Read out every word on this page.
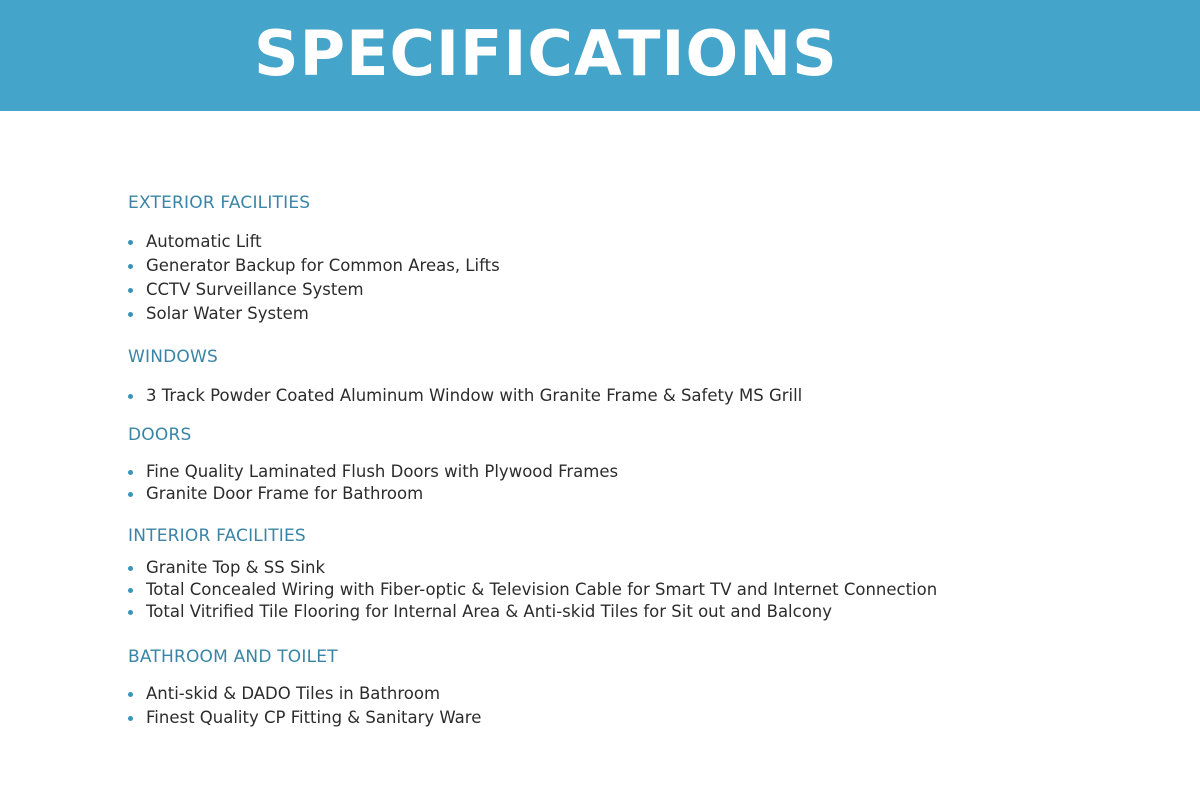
SPECIFICATIONS
EXTERIOR FACILITIES
Automatic Lift
Generator Backup for Common Areas, Lifts
CCTV Surveillance System
Solar Water System
WINDOWS
3 Track Powder Coated Aluminum Window with Granite Frame & Safety MS Grill
DOORS
Fine Quality Laminated Flush Doors with Plywood Frames
Granite Door Frame for Bathroom
INTERIOR FACILITIES
Granite Top & SS Sink
Total Concealed Wiring with Fiber-optic & Television Cable for Smart TV and Internet Connection
Total Vitrified Tile Flooring for Internal Area & Anti-skid Tiles for Sit out and Balcony
BATHROOM AND TOILET
Anti-skid & DADO Tiles in Bathroom
Finest Quality CP Fitting & Sanitary Ware
